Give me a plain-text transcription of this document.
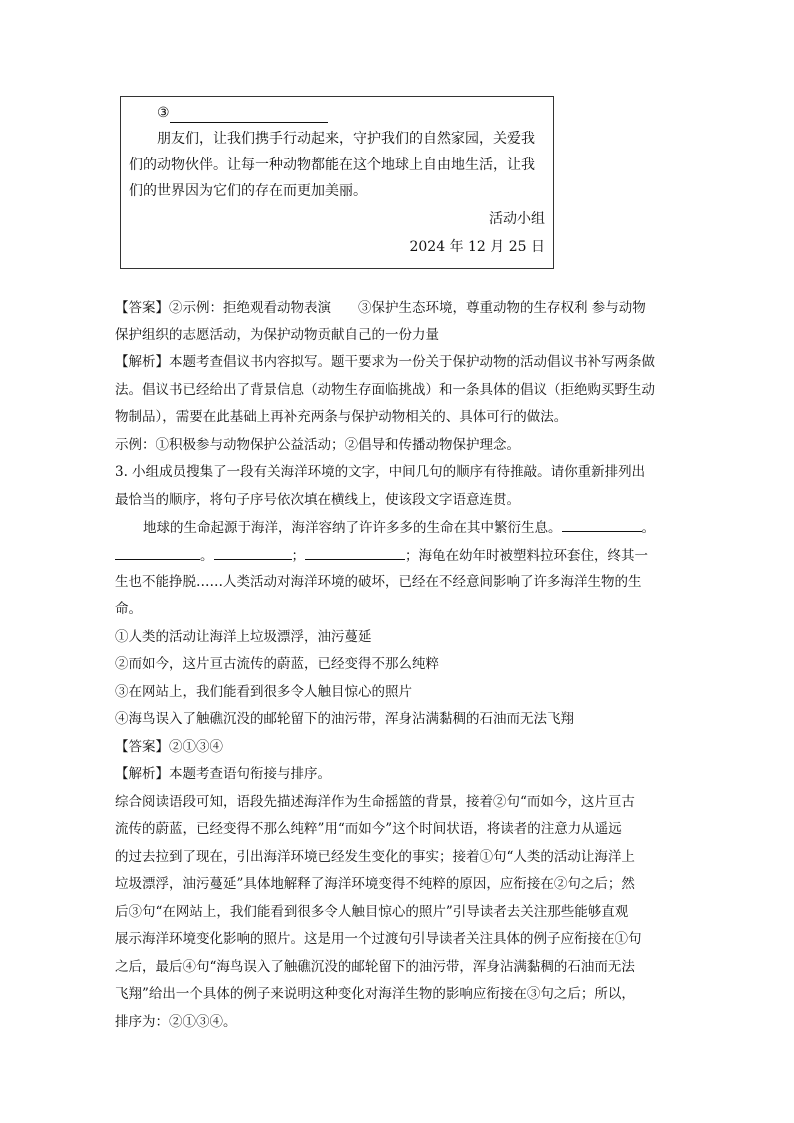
③
朋友们，让我们携手行动起来，守护我们的自然家园，关爱我
们的动物伙伴。让每一种动物都能在这个地球上自由地生活，让我
们的世界因为它们的存在而更加美丽。
活动小组
2024 年 12 月 25 日
【答案】②示例：拒绝观看动物表演　　③保护生态环境，尊重动物的生存权利 参与动物
保护组织的志愿活动，为保护动物贡献自己的一份力量
【解析】本题考查倡议书内容拟写。题干要求为一份关于保护动物的活动倡议书补写两条做
法。倡议书已经给出了背景信息（动物生存面临挑战）和一条具体的倡议（拒绝购买野生动
物制品），需要在此基础上再补充两条与保护动物相关的、具体可行的做法。
示例：①积极参与动物保护公益活动；②倡导和传播动物保护理念。
3. 小组成员搜集了一段有关海洋环境的文字，中间几句的顺序有待推敲。请你重新排列出
最恰当的顺序，将句子序号依次填在横线上，使该段文字语意连贯。
地球的生命起源于海洋，海洋容纳了许许多多的生命在其中繁衍生息。	。
。	；	；海龟在幼年时被塑料拉环套住，终其一
生也不能挣脱……人类活动对海洋环境的破坏，已经在不经意间影响了许多海洋生物的生
命。
①人类的活动让海洋上垃圾漂浮，油污蔓延
②而如今，这片亘古流传的蔚蓝，已经变得不那么纯粹
③在网站上，我们能看到很多令人触目惊心的照片
④海鸟误入了触礁沉没的邮轮留下的油污带，浑身沾满黏稠的石油而无法飞翔
【答案】②①③④
【解析】本题考查语句衔接与排序。
综合阅读语段可知，语段先描述海洋作为生命摇篮的背景，接着②句“而如今，这片亘古
流传的蔚蓝，已经变得不那么纯粹”用“而如今”这个时间状语，将读者的注意力从遥远
的过去拉到了现在，引出海洋环境已经发生变化的事实；接着①句“人类的活动让海洋上
垃圾漂浮，油污蔓延”具体地解释了海洋环境变得不纯粹的原因，应衔接在②句之后；然
后③句“在网站上，我们能看到很多令人触目惊心的照片”引导读者去关注那些能够直观
展示海洋环境变化影响的照片。这是用一个过渡句引导读者关注具体的例子应衔接在①句
之后，最后④句“海鸟误入了触礁沉没的邮轮留下的油污带，浑身沾满黏稠的石油而无法
飞翔”给出一个具体的例子来说明这种变化对海洋生物的影响应衔接在③句之后；所以，
排序为：②①③④。
